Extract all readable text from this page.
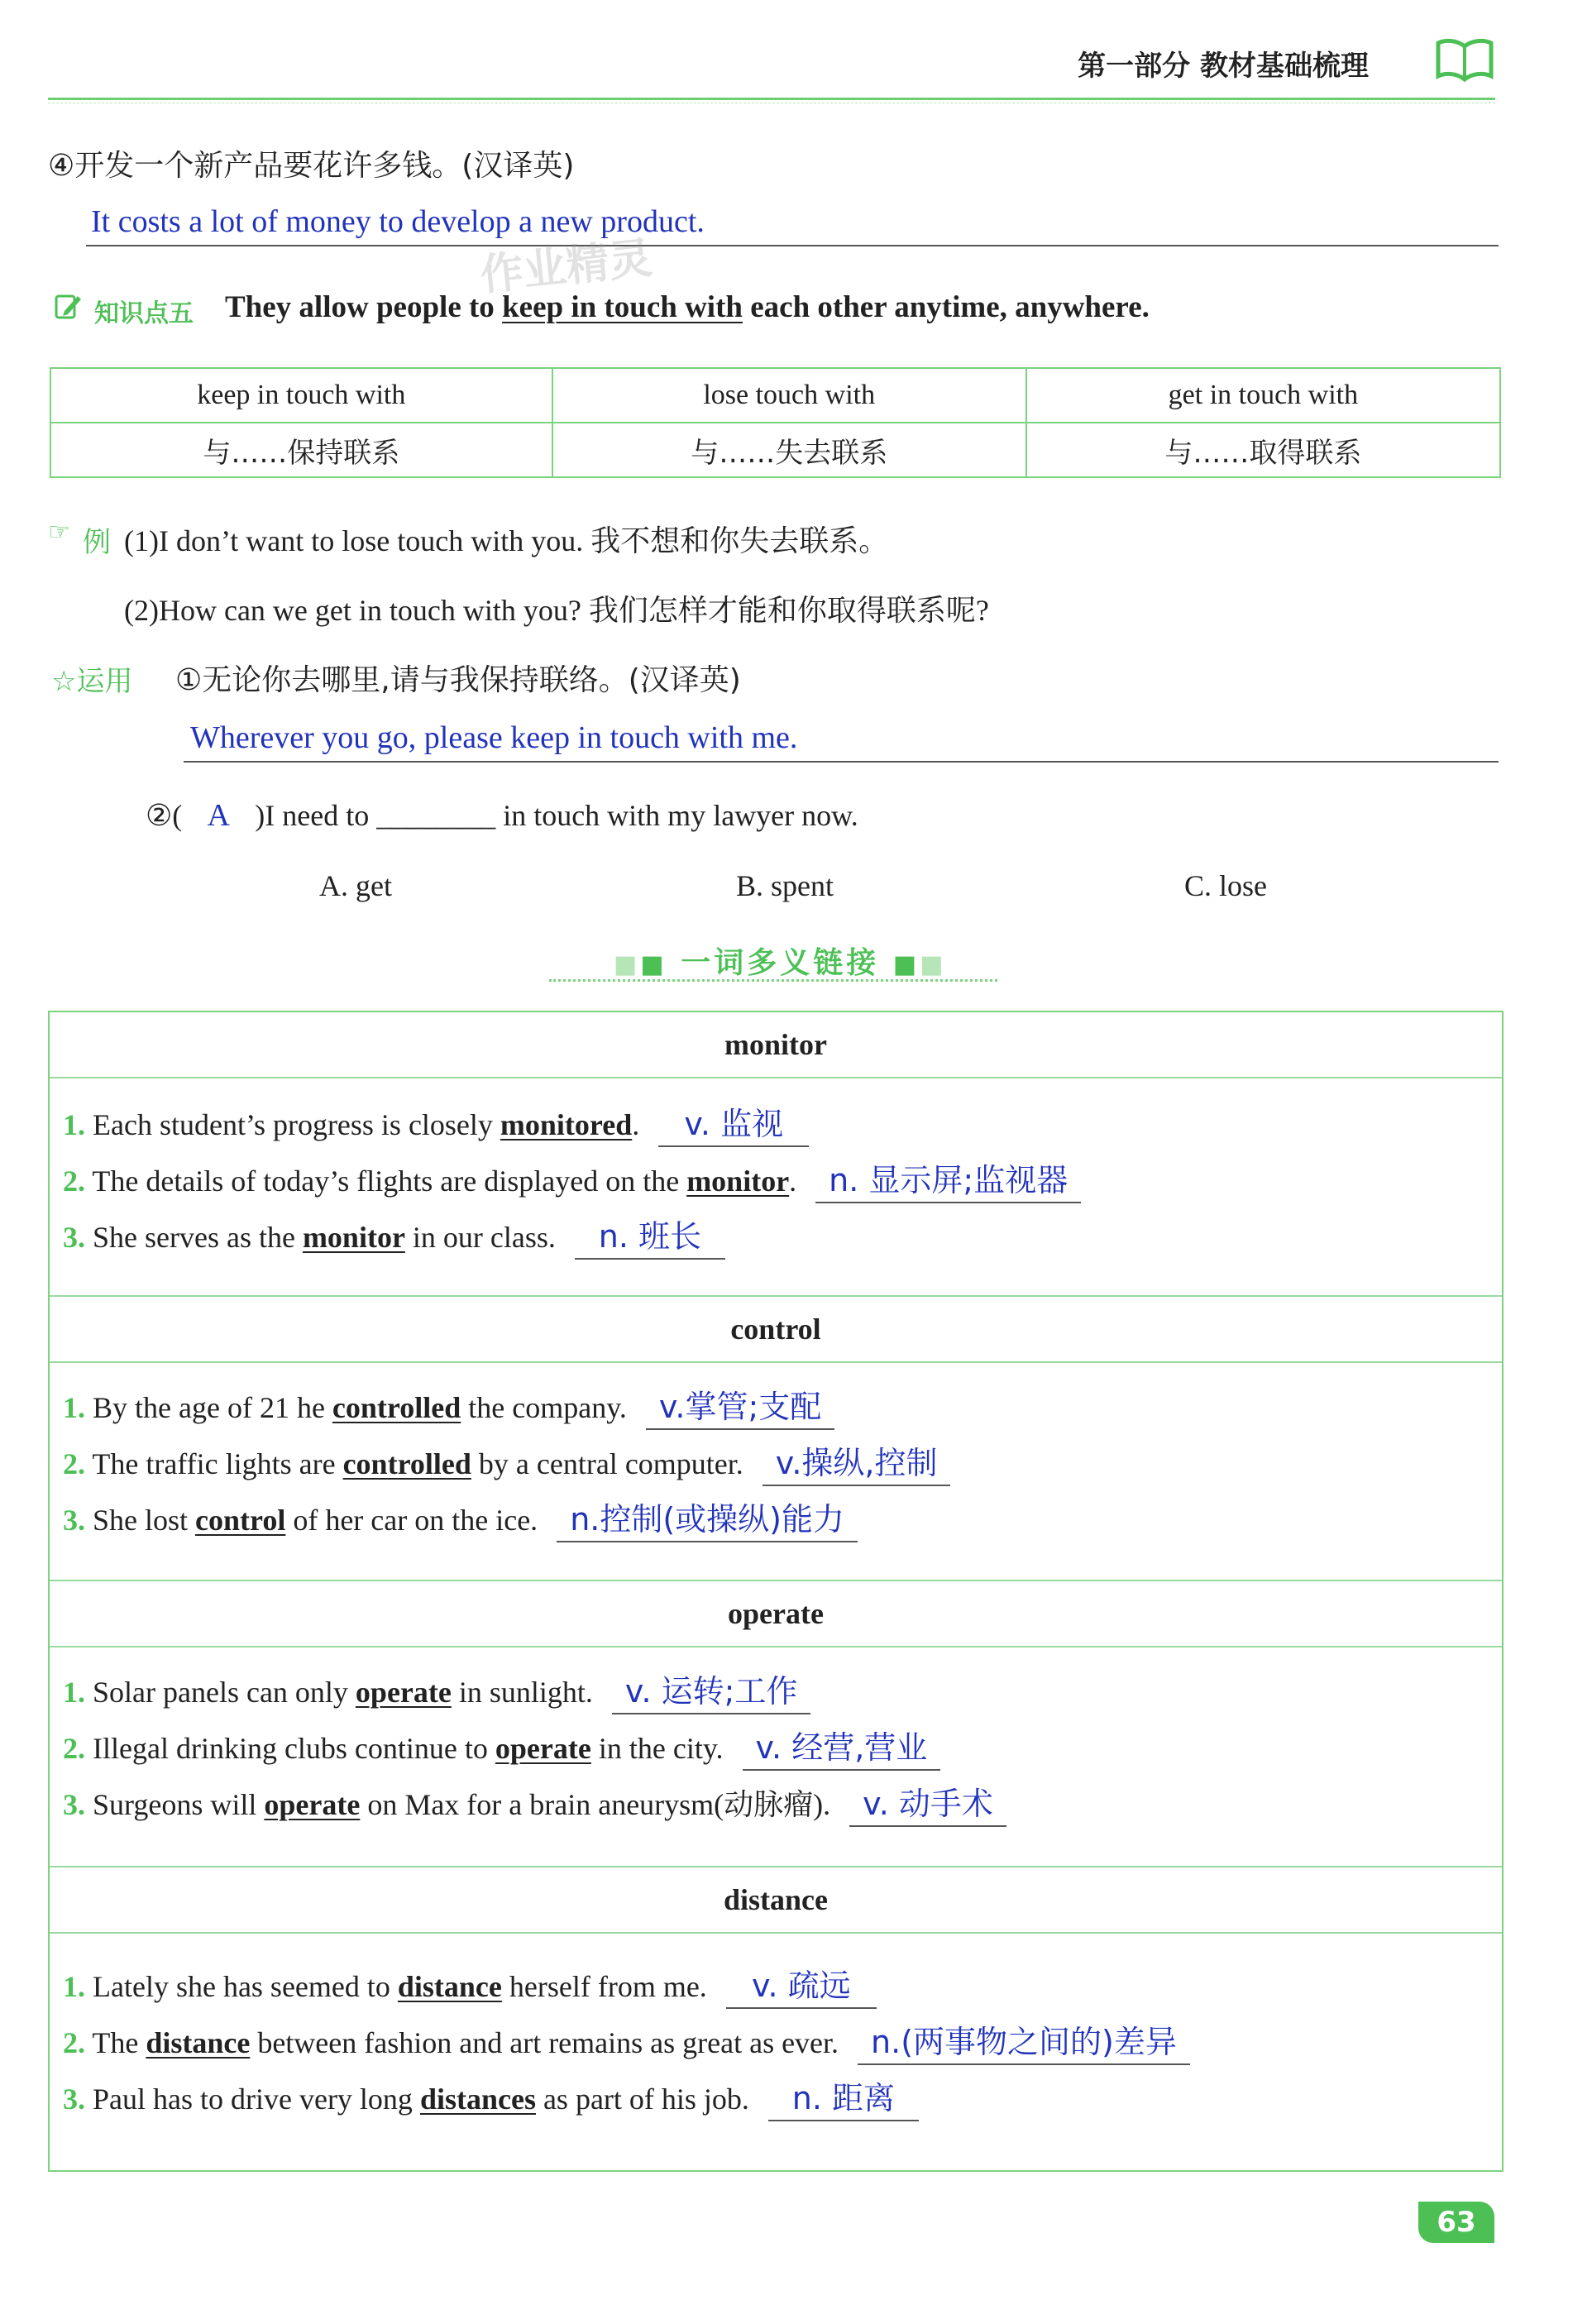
第一部分 教材基础梳理
④开发一个新产品要花许多钱。(汉译英)
It costs a lot of money to develop a new product.
作业精灵
知识点五 They allow people to keep in touch with each other anytime, anywhere.
keep in touch with	lose touch with	get in touch with
与……保持联系	与……失去联系	与……取得联系
☞ 例 (1)I don’t want to lose touch with you. 我不想和你失去联系。
(2)How can we get in touch with you? 我们怎样才能和你取得联系呢?
☆运用 ①无论你去哪里,请与我保持联络。(汉译英)
Wherever you go, please keep in touch with me.
②( A )I need to ________ in touch with my lawyer now.
A. get	B. spent	C. lose
■■ 一词多义链接 ■■
monitor
1. Each student’s progress is closely monitored. v. 监视
2. The details of today’s flights are displayed on the monitor. n. 显示屏;监视器
3. She serves as the monitor in our class. n. 班长
control
1. By the age of 21 he controlled the company. v.掌管;支配
2. The traffic lights are controlled by a central computer. v.操纵,控制
3. She lost control of her car on the ice. n.控制(或操纵)能力
operate
1. Solar panels can only operate in sunlight. v. 运转;工作
2. Illegal drinking clubs continue to operate in the city. v. 经营,营业
3. Surgeons will operate on Max for a brain aneurysm(动脉瘤). v. 动手术
distance
1. Lately she has seemed to distance herself from me. v. 疏远
2. The distance between fashion and art remains as great as ever. n.(两事物之间的)差异
3. Paul has to drive very long distances as part of his job. n. 距离
63
